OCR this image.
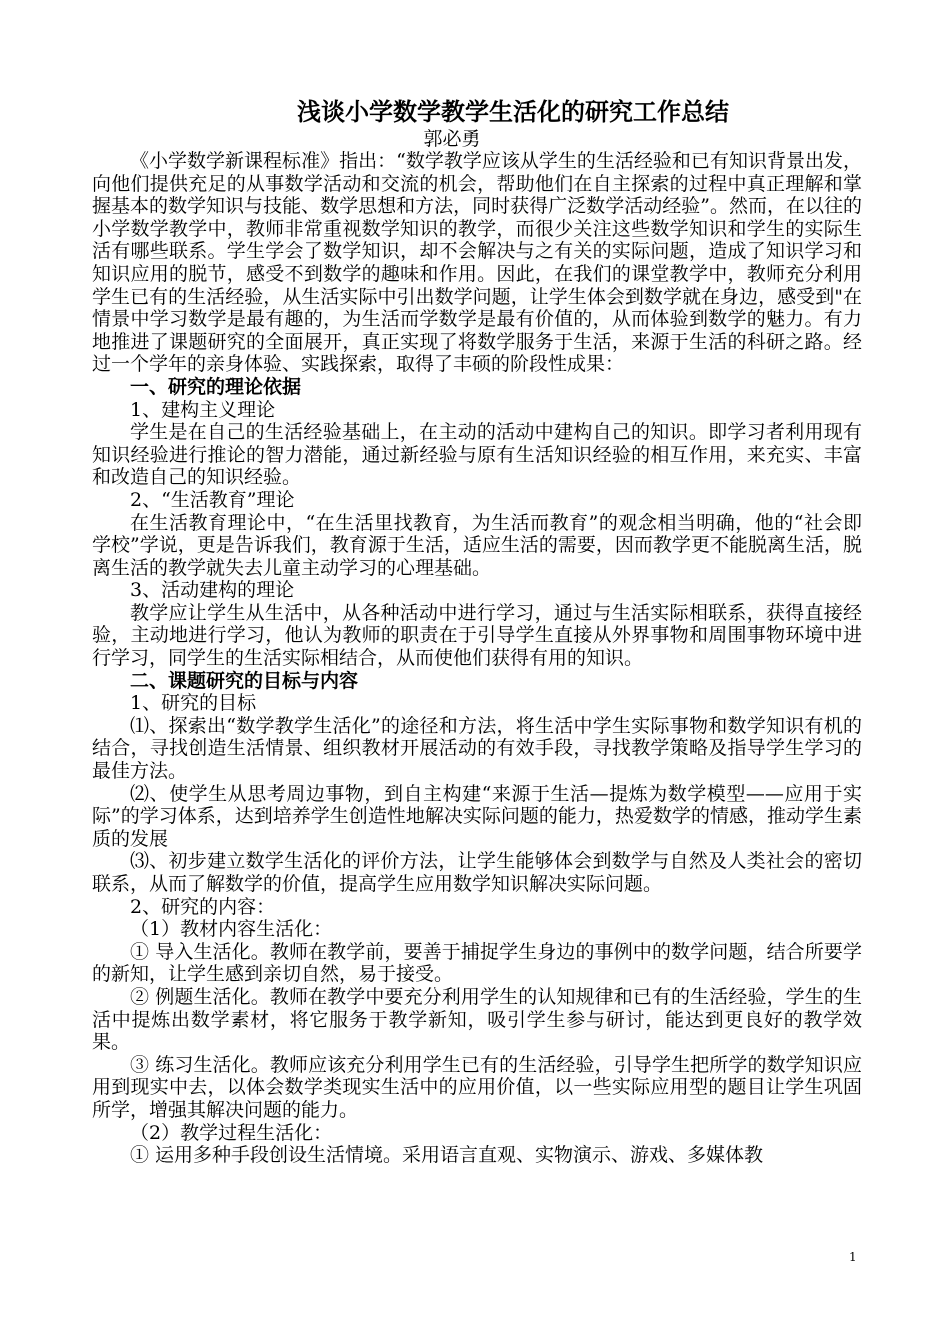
浅谈小学数学教学生活化的研究工作总结

郭必勇

《小学数学新课程标准》指出：“数学教学应该从学生的生活经验和已有知识背景出发，向他们提供充足的从事数学活动和交流的机会，帮助他们在自主探索的过程中真正理解和掌握基本的数学知识与技能、数学思想和方法，同时获得广泛数学活动经验”。然而，在以往的小学数学教学中，教师非常重视数学知识的教学，而很少关注这些数学知识和学生的实际生活有哪些联系。学生学会了数学知识，却不会解决与之有关的实际问题，造成了知识学习和知识应用的脱节，感受不到数学的趣味和作用。因此，在我们的课堂教学中，教师充分利用学生已有的生活经验，从生活实际中引出数学问题，让学生体会到数学就在身边，感受到"在情景中学习数学是最有趣的，为生活而学数学是最有价值的，从而体验到数学的魅力。有力地推进了课题研究的全面展开，真正实现了将数学服务于生活，来源于生活的科研之路。经过一个学年的亲身体验、实践探索，取得了丰硕的阶段性成果：

一、研究的理论依据

1、建构主义理论

学生是在自己的生活经验基础上，在主动的活动中建构自己的知识。即学习者利用现有知识经验进行推论的智力潜能，通过新经验与原有生活知识经验的相互作用，来充实、丰富和改造自己的知识经验。

2、“生活教育”理论

在生活教育理论中，“在生活里找教育，为生活而教育”的观念相当明确，他的“社会即学校”学说，更是告诉我们，教育源于生活，适应生活的需要，因而教学更不能脱离生活，脱离生活的教学就失去儿童主动学习的心理基础。

3、活动建构的理论

教学应让学生从生活中，从各种活动中进行学习，通过与生活实际相联系，获得直接经验，主动地进行学习，他认为教师的职责在于引导学生直接从外界事物和周围事物环境中进行学习，同学生的生活实际相结合，从而使他们获得有用的知识。

二、课题研究的目标与内容

1、研究的目标

⑴、探索出“数学教学生活化”的途径和方法，将生活中学生实际事物和数学知识有机的结合，寻找创造生活情景、组织教材开展活动的有效手段，寻找教学策略及指导学生学习的最佳方法。

⑵、使学生从思考周边事物，到自主构建“来源于生活—提炼为数学模型——应用于实际”的学习体系，达到培养学生创造性地解决实际问题的能力，热爱数学的情感，推动学生素质的发展

⑶、初步建立数学生活化的评价方法，让学生能够体会到数学与自然及人类社会的密切联系，从而了解数学的价值，提高学生应用数学知识解决实际问题。

2、研究的内容：

（1）教材内容生活化：

① 导入生活化。教师在教学前，要善于捕捉学生身边的事例中的数学问题，结合所要学的新知，让学生感到亲切自然，易于接受。

② 例题生活化。教师在教学中要充分利用学生的认知规律和已有的生活经验，学生的生活中提炼出数学素材，将它服务于教学新知，吸引学生参与研讨，能达到更良好的教学效果。

③ 练习生活化。教师应该充分利用学生已有的生活经验，引导学生把所学的数学知识应用到现实中去，以体会数学类现实生活中的应用价值，以一些实际应用型的题目让学生巩固所学，增强其解决问题的能力。

（2）教学过程生活化：

① 运用多种手段创设生活情境。采用语言直观、实物演示、游戏、多媒体教

1
